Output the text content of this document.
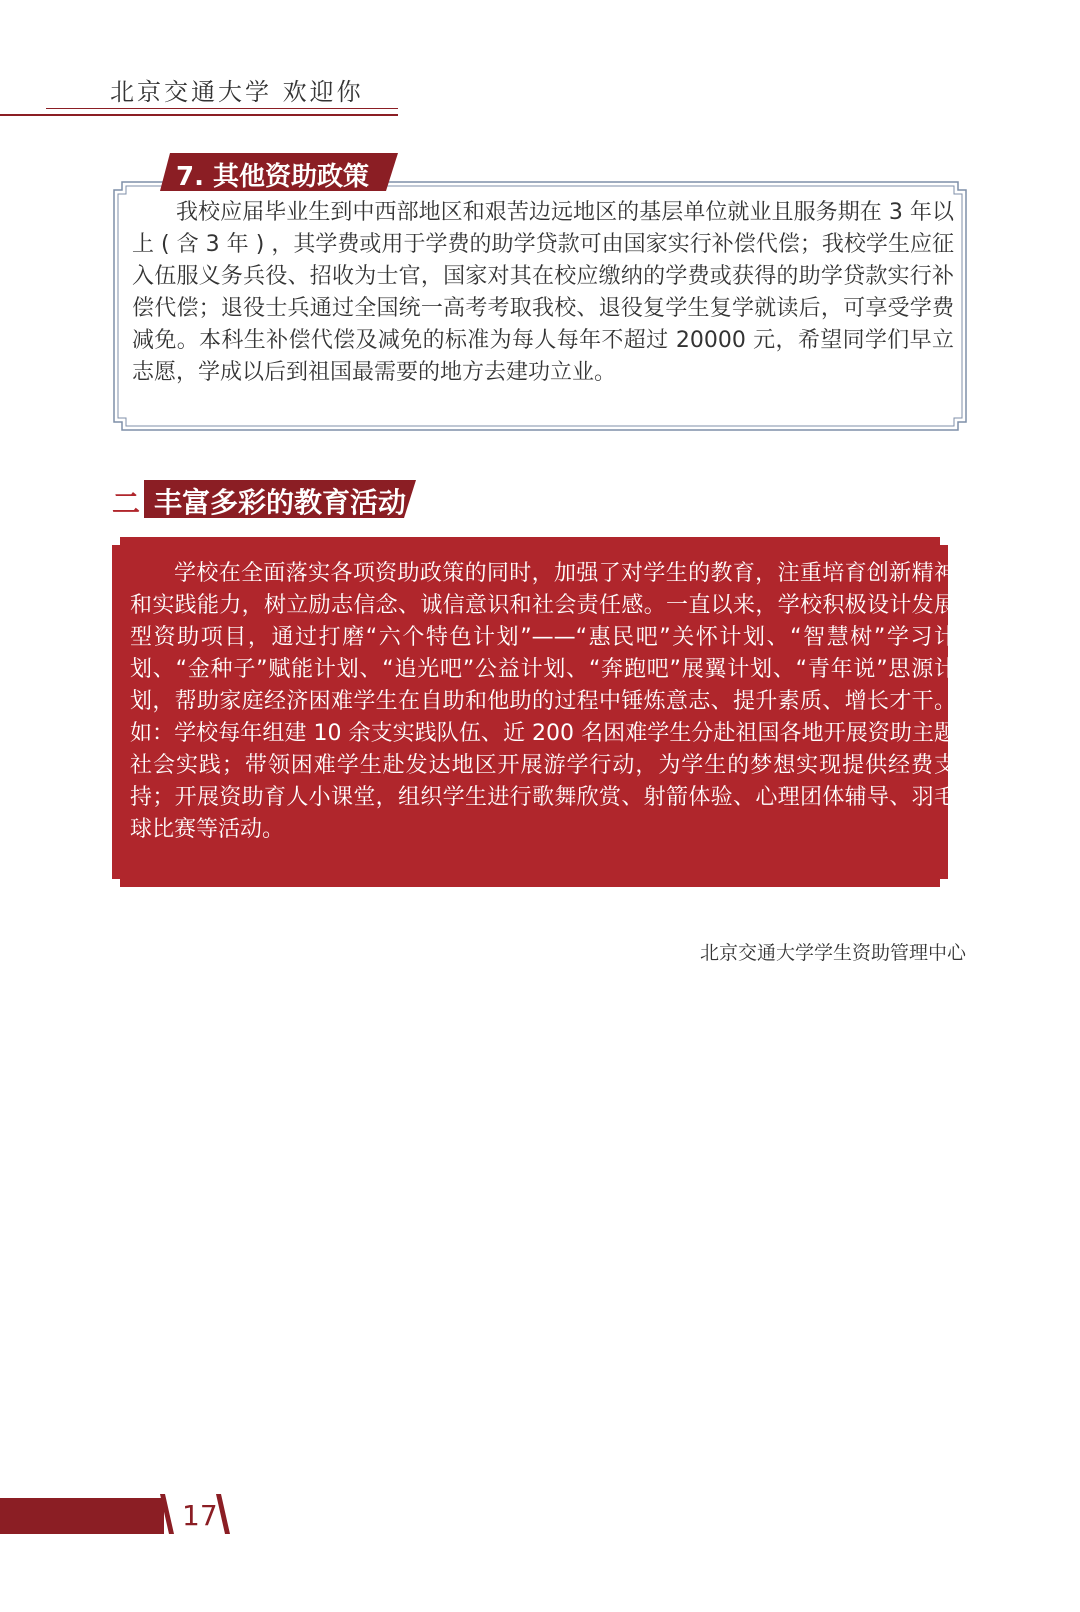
北京交通大学 欢迎你
7. 其他资助政策
我校应届毕业生到中西部地区和艰苦边远地区的基层单位就业且服务期在 3 年以上 ( 含 3 年 ) ，其学费或用于学费的助学贷款可由国家实行补偿代偿；我校学生应征入伍服义务兵役、招收为士官，国家对其在校应缴纳的学费或获得的助学贷款实行补偿代偿；退役士兵通过全国统一高考考取我校、退役复学生复学就读后，可享受学费减免。本科生补偿代偿及减免的标准为每人每年不超过 20000 元，希望同学们早立志愿，学成以后到祖国最需要的地方去建功立业。
二 丰富多彩的教育活动
学校在全面落实各项资助政策的同时，加强了对学生的教育，注重培育创新精神和实践能力，树立励志信念、诚信意识和社会责任感。一直以来，学校积极设计发展型资助项目，通过打磨“六个特色计划”——“惠民吧”关怀计划、“智慧树”学习计划、“金种子”赋能计划、“追光吧”公益计划、“奔跑吧”展翼计划、“青年说”思源计划，帮助家庭经济困难学生在自助和他助的过程中锤炼意志、提升素质、增长才干。如：学校每年组建 10 余支实践队伍、近 200 名困难学生分赴祖国各地开展资助主题社会实践；带领困难学生赴发达地区开展游学行动，为学生的梦想实现提供经费支持；开展资助育人小课堂，组织学生进行歌舞欣赏、射箭体验、心理团体辅导、羽毛球比赛等活动。
北京交通大学学生资助管理中心
17
